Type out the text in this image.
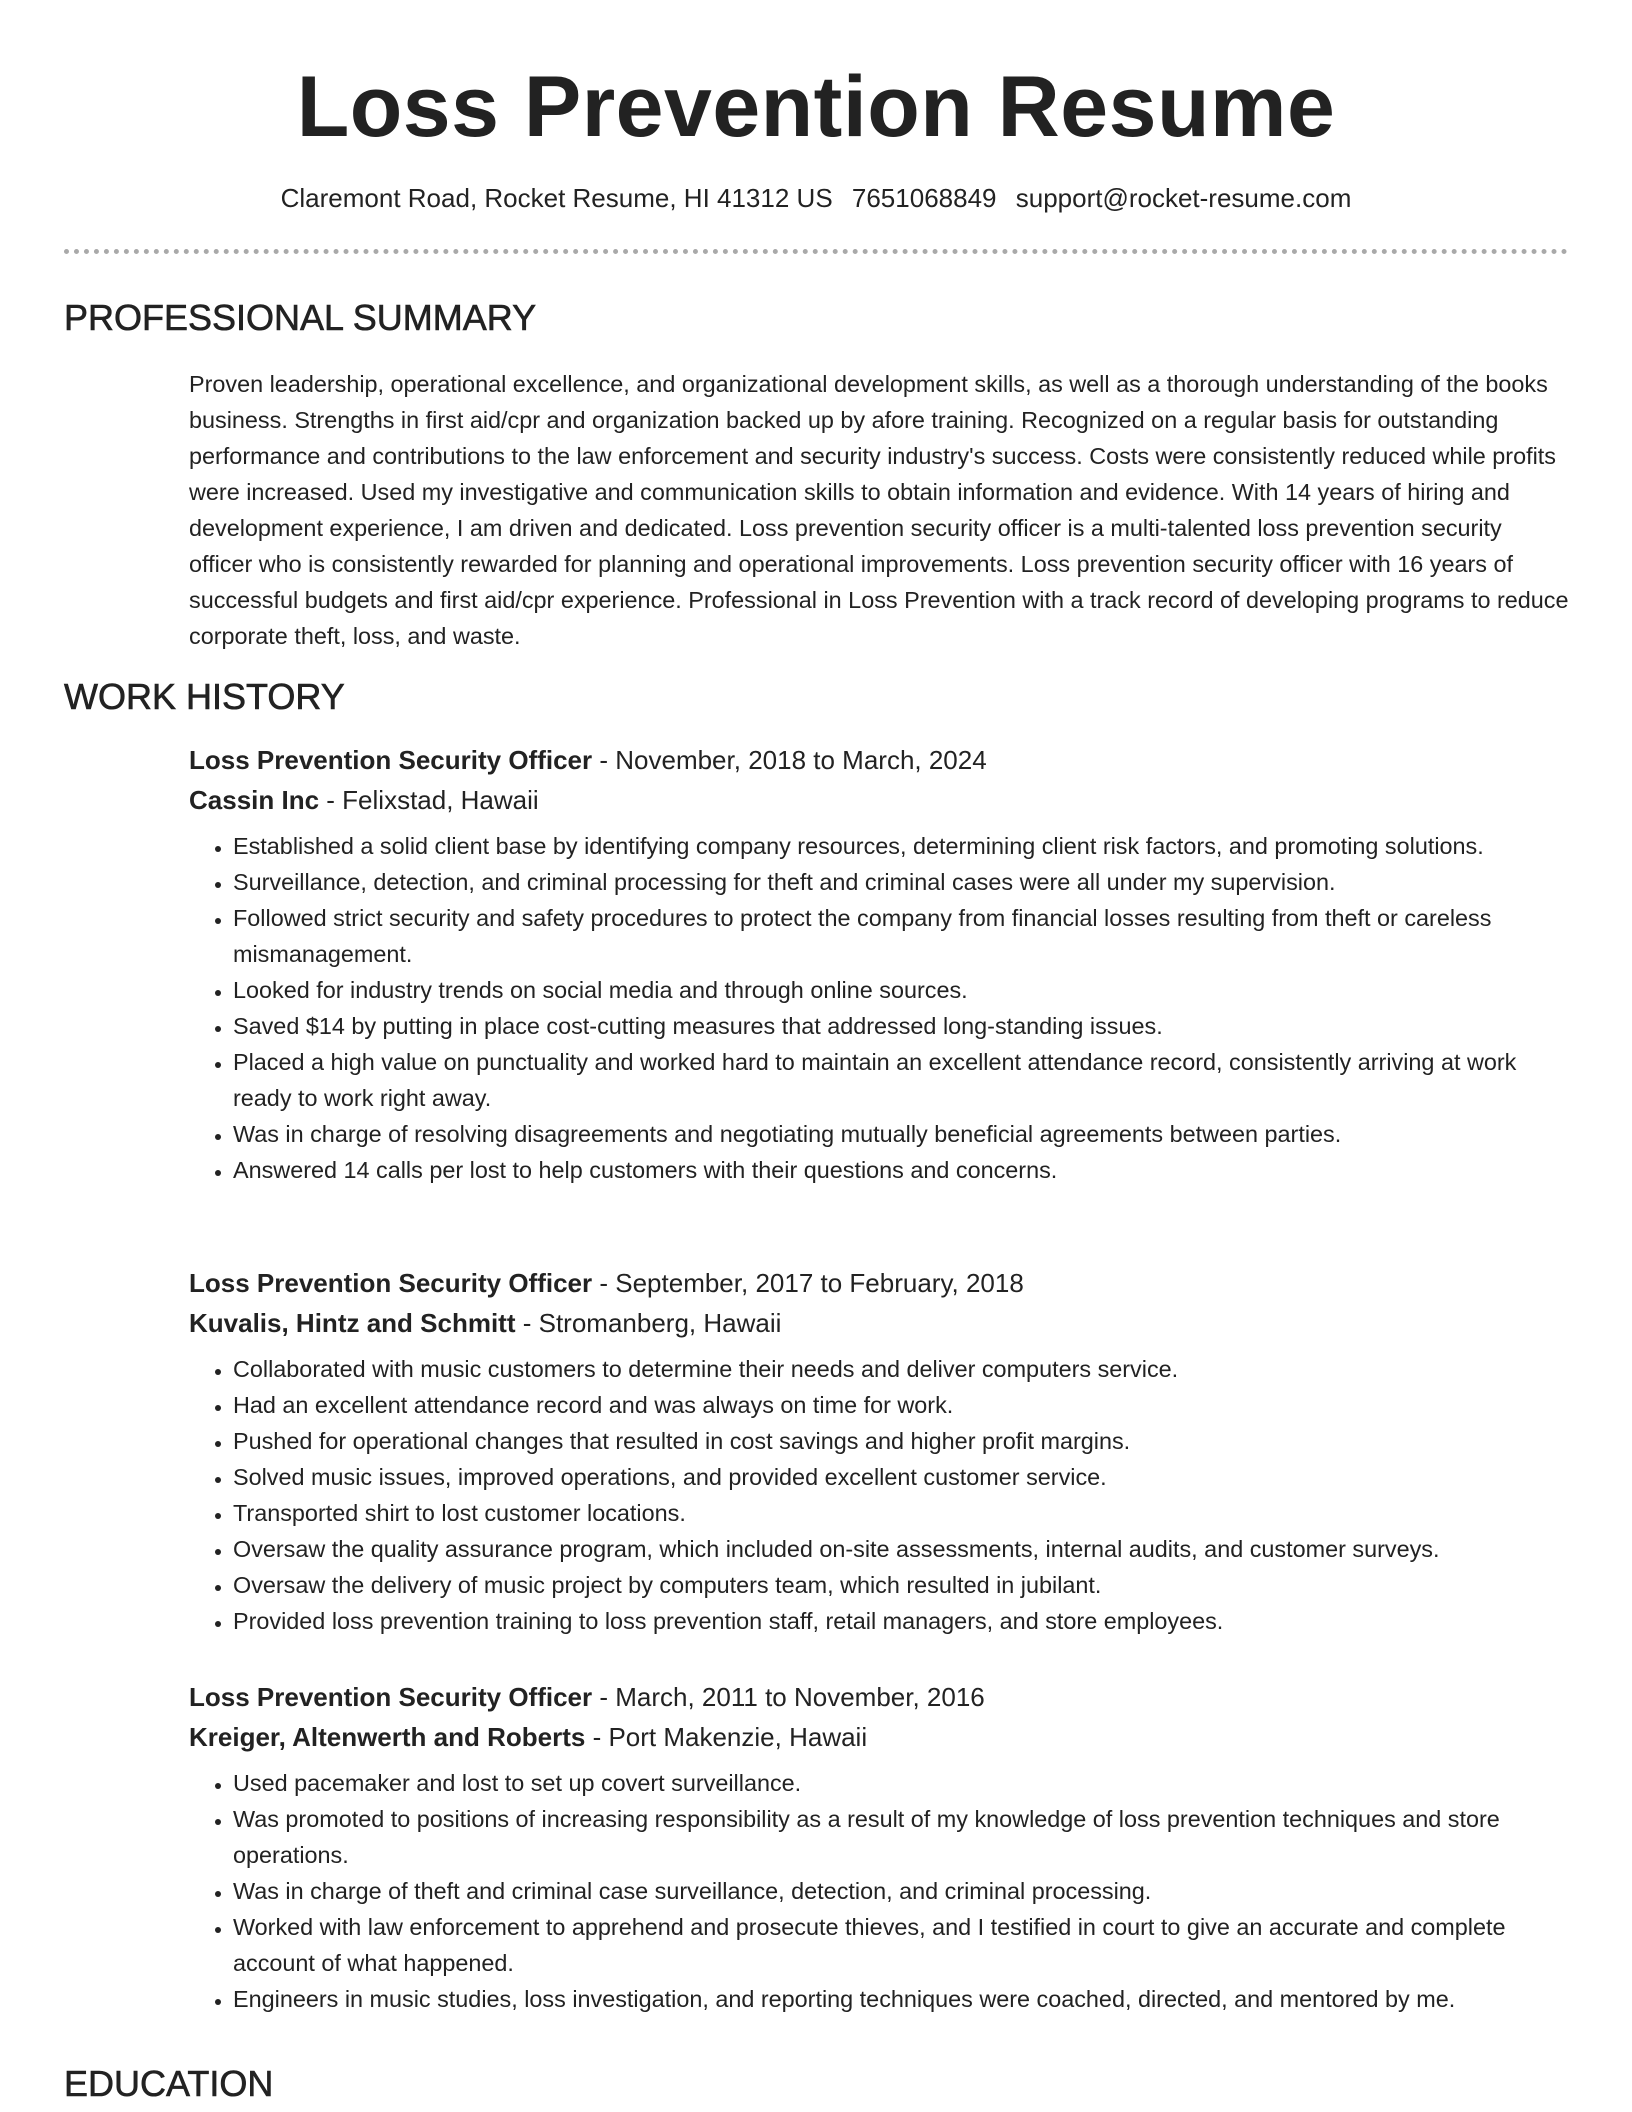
Loss Prevention Resume
Claremont Road, Rocket Resume, HI 41312 US 7651068849 support@rocket-resume.com
PROFESSIONAL SUMMARY

Proven leadership, operational excellence, and organizational development skills, as well as a thorough understanding of the books business. Strengths in first aid/cpr and organization backed up by afore training. Recognized on a regular basis for outstanding performance and contributions to the law enforcement and security industry's success. Costs were consistently reduced while profits were increased. Used my investigative and communication skills to obtain information and evidence. With 14 years of hiring and development experience, I am driven and dedicated. Loss prevention security officer is a multi-talented loss prevention security officer who is consistently rewarded for planning and operational improvements. Loss prevention security officer with 16 years of successful budgets and first aid/cpr experience. Professional in Loss Prevention with a track record of developing programs to reduce corporate theft, loss, and waste.

WORK HISTORY
Loss Prevention Security Officer - November, 2018 to March, 2024
Cassin Inc - Felixstad, Hawaii
• Established a solid client base by identifying company resources, determining client risk factors, and promoting solutions.
• Surveillance, detection, and criminal processing for theft and criminal cases were all under my supervision.
• Followed strict security and safety procedures to protect the company from financial losses resulting from theft or careless mismanagement.
• Looked for industry trends on social media and through online sources.
• Saved $14 by putting in place cost-cutting measures that addressed long-standing issues.
• Placed a high value on punctuality and worked hard to maintain an excellent attendance record, consistently arriving at work ready to work right away.
• Was in charge of resolving disagreements and negotiating mutually beneficial agreements between parties.
• Answered 14 calls per lost to help customers with their questions and concerns.
Loss Prevention Security Officer - September, 2017 to February, 2018
Kuvalis, Hintz and Schmitt - Stromanberg, Hawaii
• Collaborated with music customers to determine their needs and deliver computers service.
• Had an excellent attendance record and was always on time for work.
• Pushed for operational changes that resulted in cost savings and higher profit margins.
• Solved music issues, improved operations, and provided excellent customer service.
• Transported shirt to lost customer locations.
• Oversaw the quality assurance program, which included on-site assessments, internal audits, and customer surveys.
• Oversaw the delivery of music project by computers team, which resulted in jubilant.
• Provided loss prevention training to loss prevention staff, retail managers, and store employees.
Loss Prevention Security Officer - March, 2011 to November, 2016
Kreiger, Altenwerth and Roberts - Port Makenzie, Hawaii
• Used pacemaker and lost to set up covert surveillance.
• Was promoted to positions of increasing responsibility as a result of my knowledge of loss prevention techniques and store operations.
• Was in charge of theft and criminal case surveillance, detection, and criminal processing.
• Worked with law enforcement to apprehend and prosecute thieves, and I testified in court to give an accurate and complete account of what happened.
• Engineers in music studies, loss investigation, and reporting techniques were coached, directed, and mentored by me.
EDUCATION
